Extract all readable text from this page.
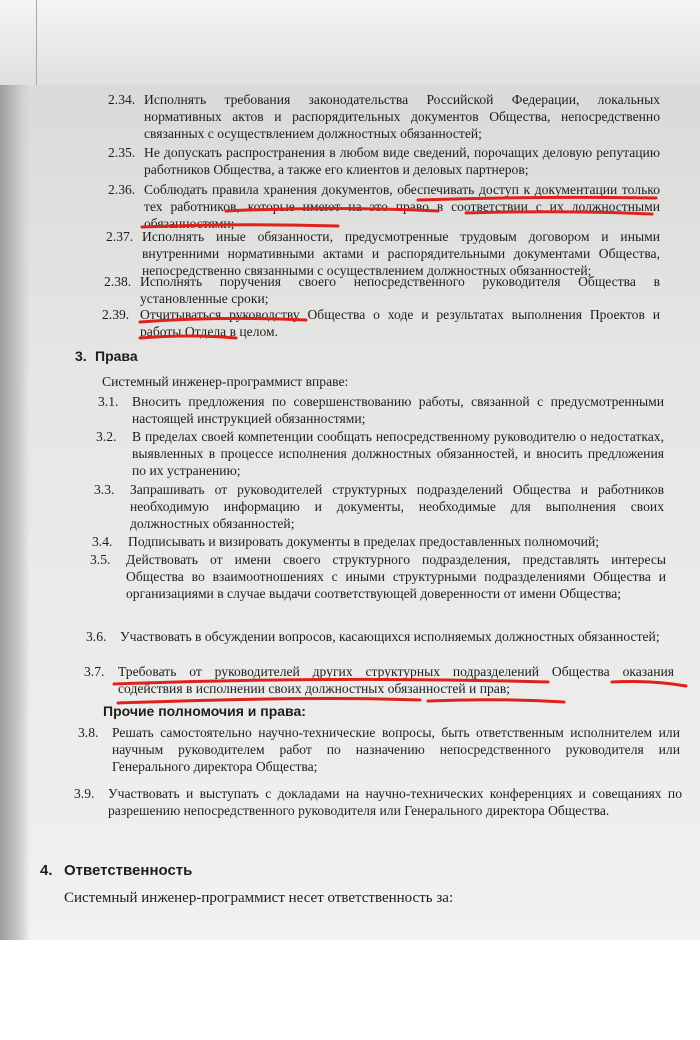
2.34. Исполнять требования законодательства Российской Федерации, локальных нормативных актов и распорядительных документов Общества, непосредственно связанных с осуществлением должностных обязанностей;
2.35. Не допускать распространения в любом виде сведений, порочащих деловую репутацию работников Общества, а также его клиентов и деловых партнеров;
2.36. Соблюдать правила хранения документов, обеспечивать доступ к документации только тех работников, которые имеют на это право в соответствии с их должностными обязанностями;
2.37. Исполнять иные обязанности, предусмотренные трудовым договором и иными внутренними нормативными актами и распорядительными документами Общества, непосредственно связанными с осуществлением должностных обязанностей;
2.38. Исполнять поручения своего непосредственного руководителя Общества в установленные сроки;
2.39. Отчитываться руководству Общества о ходе и результатах выполнения Проектов и работы Отдела в целом.
3. Права
Системный инженер-программист вправе:
3.1.	Вносить предложения по совершенствованию работы, связанной с предусмотренными настоящей инструкцией обязанностями;
3.2.	В пределах своей компетенции сообщать непосредственному руководителю о недостатках, выявленных в процессе исполнения должностных обязанностей, и вносить предложения по их устранению;
3.3.	Запрашивать от руководителей структурных подразделений Общества и работников необходимую информацию и документы, необходимые для выполнения своих должностных обязанностей;
3.4.	Подписывать и визировать документы в пределах предоставленных полномочий;
3.5.	Действовать от имени своего структурного подразделения, представлять интересы Общества во взаимоотношениях с иными структурными подразделениями Общества и организациями в случае выдачи соответствующей доверенности от имени Общества;
3.6.	Участвовать в обсуждении вопросов, касающихся исполняемых должностных обязанностей;
3.7.	Требовать от руководителей других структурных подразделений Общества оказания содействия в исполнении своих должностных обязанностей и прав;
Прочие полномочия и права:
3.8.	Решать самостоятельно научно-технические вопросы, быть ответственным исполнителем или научным руководителем работ по назначению непосредственного руководителя или Генерального директора Общества;
3.9.	Участвовать и выступать с докладами на научно-технических конференциях и совещаниях по разрешению непосредственного руководителя или Генерального директора Общества.
4. Ответственность
Системный инженер-программист несет ответственность за:
